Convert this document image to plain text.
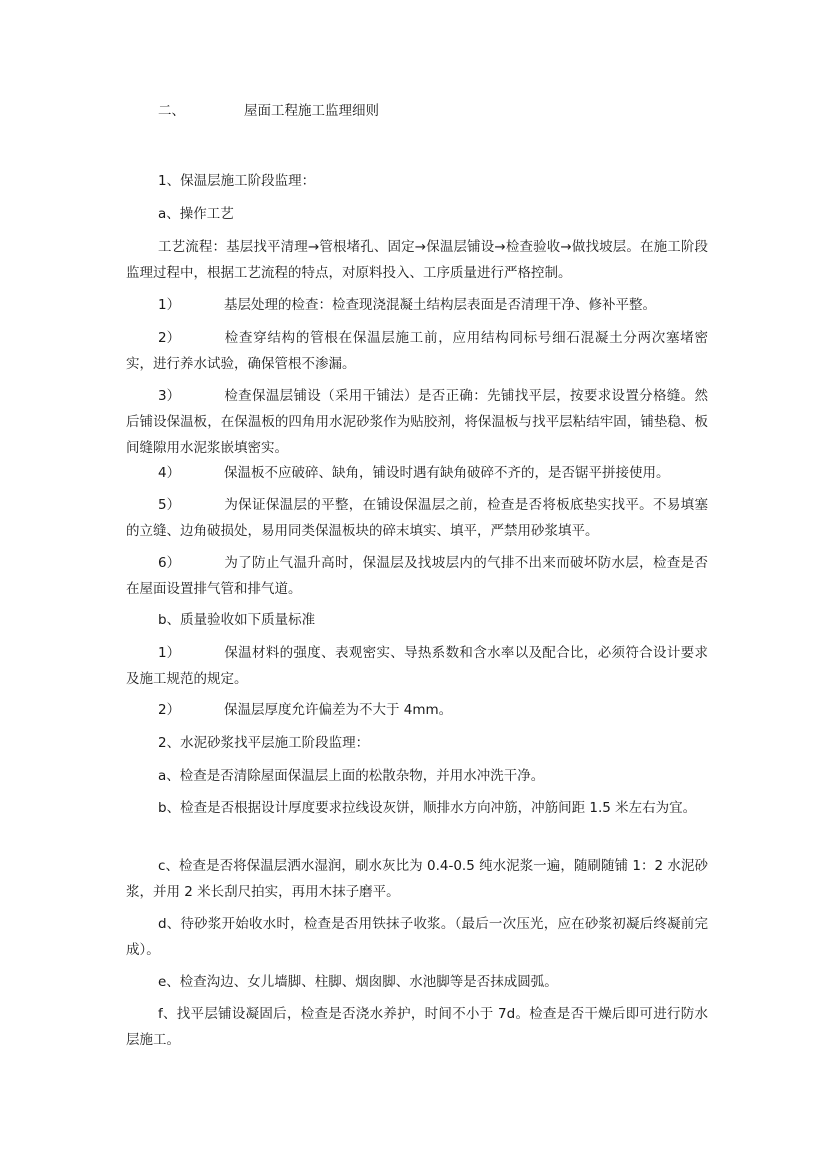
二、	屋面工程施工监理细则
1、保温层施工阶段监理：
a、操作工艺
工艺流程：基层找平清理→管根堵孔、固定→保温层铺设→检查验收→做找坡层。在施工阶段监理过程中，根据工艺流程的特点，对原料投入、工序质量进行严格控制。
1）	基层处理的检查：检查现浇混凝土结构层表面是否清理干净、修补平整。
2）	检查穿结构的管根在保温层施工前，应用结构同标号细石混凝土分两次塞堵密实，进行养水试验，确保管根不渗漏。
3）	检查保温层铺设（采用干铺法）是否正确：先铺找平层，按要求设置分格缝。然后铺设保温板，在保温板的四角用水泥砂浆作为贴胶剂，将保温板与找平层粘结牢固，铺垫稳、板间缝隙用水泥浆嵌填密实。
4）	保温板不应破碎、缺角，铺设时遇有缺角破碎不齐的，是否锯平拼接使用。
5）	为保证保温层的平整，在铺设保温层之前，检查是否将板底垫实找平。不易填塞的立缝、边角破损处，易用同类保温板块的碎末填实、填平，严禁用砂浆填平。
6）	为了防止气温升高时，保温层及找坡层内的气排不出来而破坏防水层，检查是否在屋面设置排气管和排气道。
b、质量验收如下质量标准
1）	保温材料的强度、表观密实、导热系数和含水率以及配合比，必须符合设计要求及施工规范的规定。
2）	保温层厚度允许偏差为不大于 4mm。
2、水泥砂浆找平层施工阶段监理：
a、检查是否清除屋面保温层上面的松散杂物，并用水冲洗干净。
b、检查是否根据设计厚度要求拉线设灰饼，顺排水方向冲筋，冲筋间距 1.5 米左右为宜。
c、检查是否将保温层洒水湿润，刷水灰比为 0.4-0.5 纯水泥浆一遍，随刷随铺 1：2 水泥砂浆，并用 2 米长刮尺拍实，再用木抹子磨平。
d、待砂浆开始收水时，检查是否用铁抹子收浆。（最后一次压光，应在砂浆初凝后终凝前完成）。
e、检查沟边、女儿墙脚、柱脚、烟囱脚、水池脚等是否抹成圆弧。
f、找平层铺设凝固后，检查是否浇水养护，时间不小于 7d。检查是否干燥后即可进行防水层施工。
